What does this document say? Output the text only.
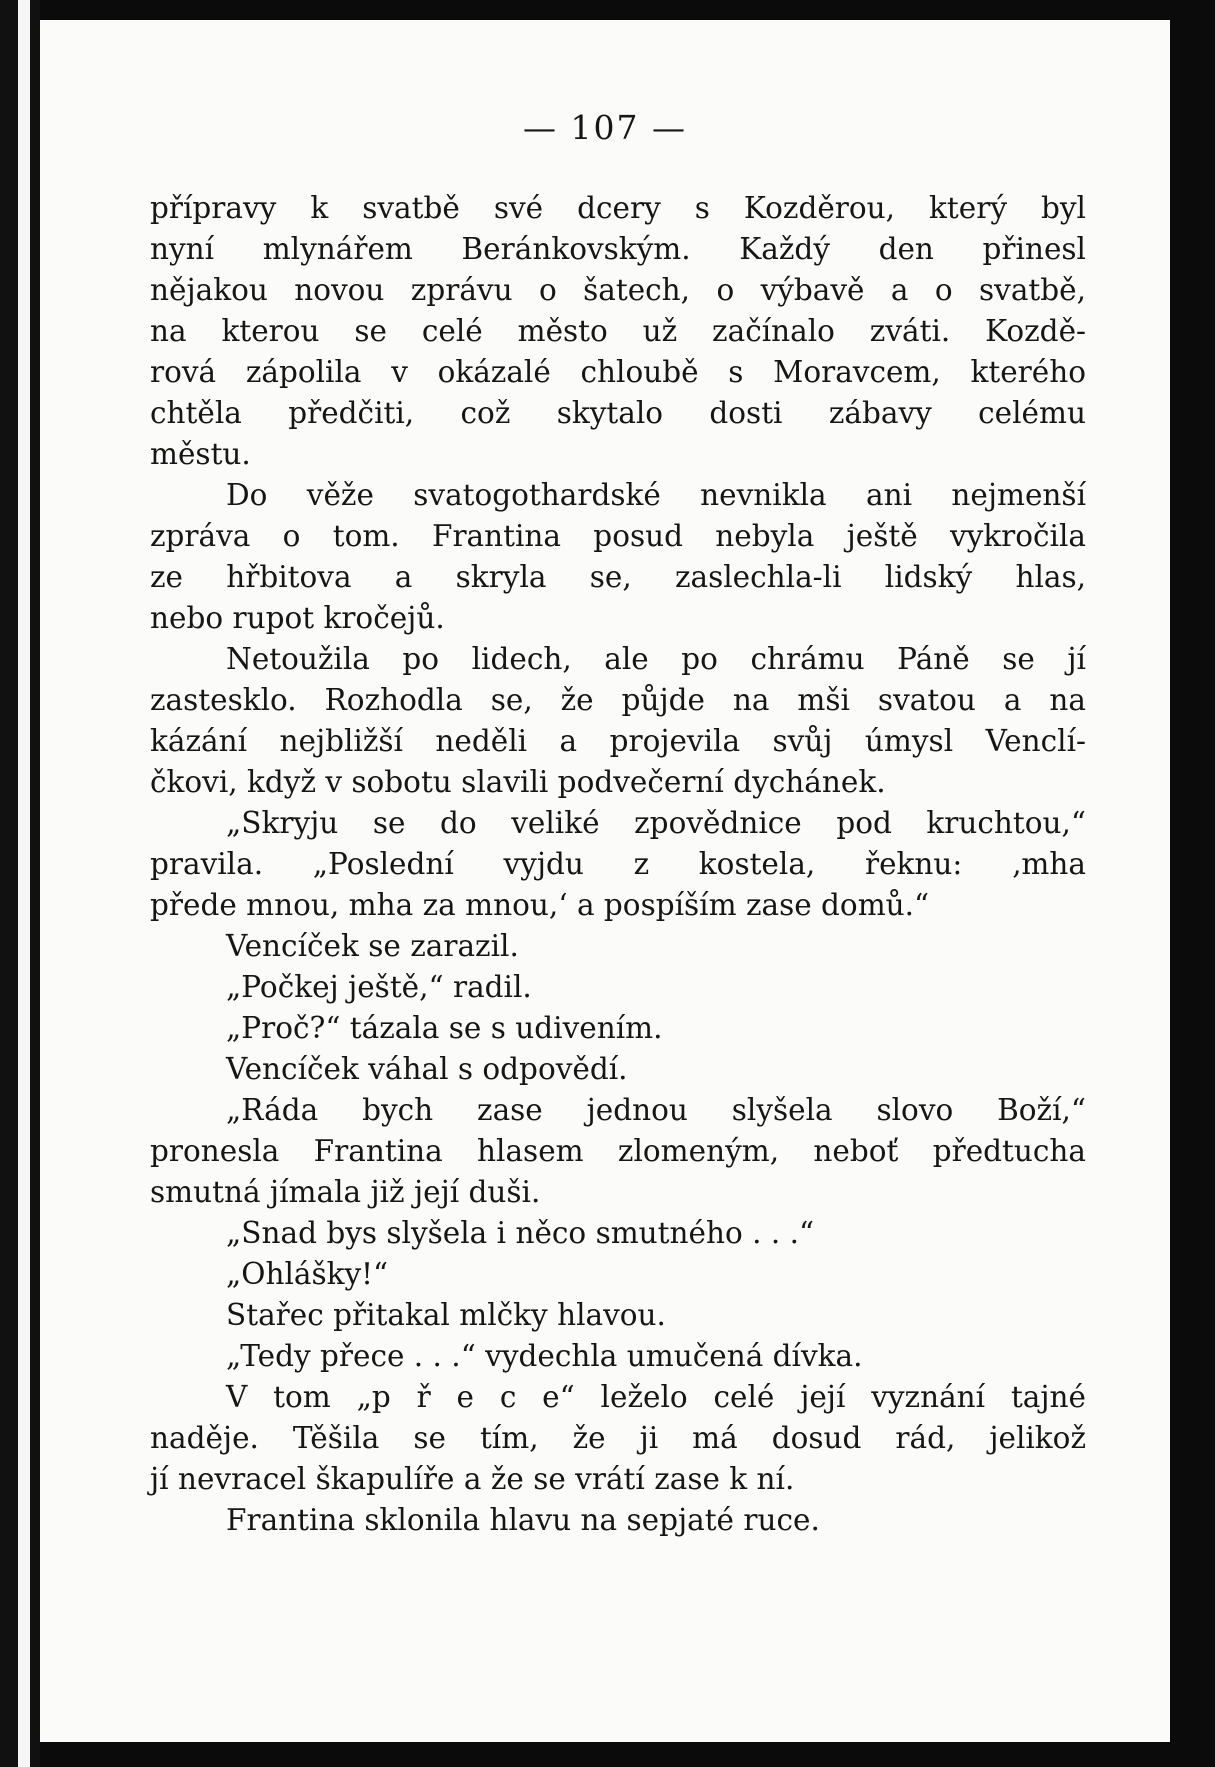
— 107 —
přípravy k svatbě své dcery s Kozděrou, který byl
nyní mlynářem Beránkovským. Každý den přinesl
nějakou novou zprávu o šatech, o výbavě a o svatbě,
na kterou se celé město už začínalo zváti. Kozdě-
rová zápolila v okázalé chloubě s Moravcem, kterého
chtěla předčiti, což skytalo dosti zábavy celému
městu.
Do věže svatogothardské nevnikla ani nejmenší
zpráva o tom. Frantina posud nebyla ještě vykročila
ze hřbitova a skryla se, zaslechla-li lidský hlas,
nebo rupot kročejů.
Netoužila po lidech, ale po chrámu Páně se jí
zastesklo. Rozhodla se, že půjde na mši svatou a na
kázání nejbližší neděli a projevila svůj úmysl Venclí-
čkovi, když v sobotu slavili podvečerní dychánek.
„Skryju se do veliké zpovědnice pod kruchtou,“
pravila. „Poslední vyjdu z kostela, řeknu: ‚mha
přede mnou, mha za mnou,‘ a pospíším zase domů.“
Vencíček se zarazil.
„Počkej ještě,“ radil.
„Proč?“ tázala se s udivením.
Vencíček váhal s odpovědí.
„Ráda bych zase jednou slyšela slovo Boží,“
pronesla Frantina hlasem zlomeným, neboť předtucha
smutná jímala již její duši.
„Snad bys slyšela i něco smutného . . .“
„Ohlášky!“
Stařec přitakal mlčky hlavou.
„Tedy přece . . .“ vydechla umučená dívka.
V tom „p ř e c e“ leželo celé její vyznání tajné
naděje. Těšila se tím, že ji má dosud rád, jelikož
jí nevracel škapulíře a že se vrátí zase k ní.
Frantina sklonila hlavu na sepjaté ruce.
